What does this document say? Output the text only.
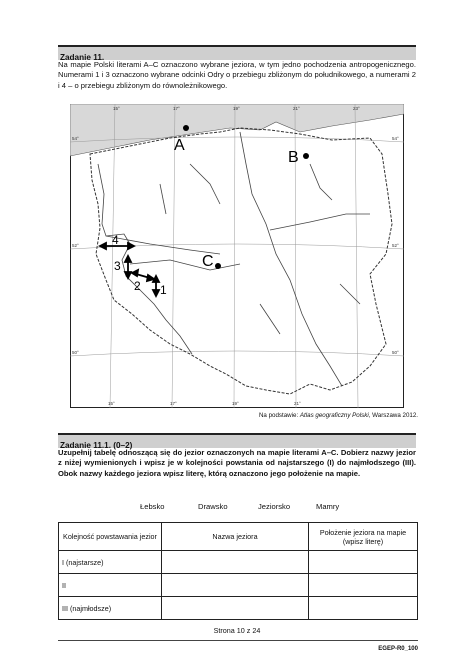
Zadanie 11.
Na mapie Polski literami A–C oznaczono wybrane jeziora, w tym jedno pochodzenia antropogenicznego. Numerami 1 i 3 oznaczono wybrane odcinki Odry o przebiegu zbliżonym do południkowego, a numerami 2 i 4 – o przebiegu zbliżonym do równoleżnikowego.
A
B
C
4
3
2 1
15°	17°	19°	21°	23°
15°	17°	19°	21°
54°
52°
50°
54°
52°
50°
Na podstawie: Atlas geograficzny Polski, Warszawa 2012.
Zadanie 11.1. (0–2)
Uzupełnij tabelę odnoszącą się do jezior oznaczonych na mapie literami A–C. Dobierz nazwy jezior z niżej wymienionych i wpisz je w kolejności powstania od najstarszego (I) do najmłodszego (III). Obok nazwy każdego jeziora wpisz literę, którą oznaczono jego położenie na mapie.
Łebsko	Drawsko	Jeziorsko	Mamry
Kolejność powstawania jezior	Nazwa jeziora	Położenie jeziora na mapie (wpisz literę)
I (najstarsze)		
II		
III (najmłodsze)		
Strona 10 z 24
EGEP-R0_100
